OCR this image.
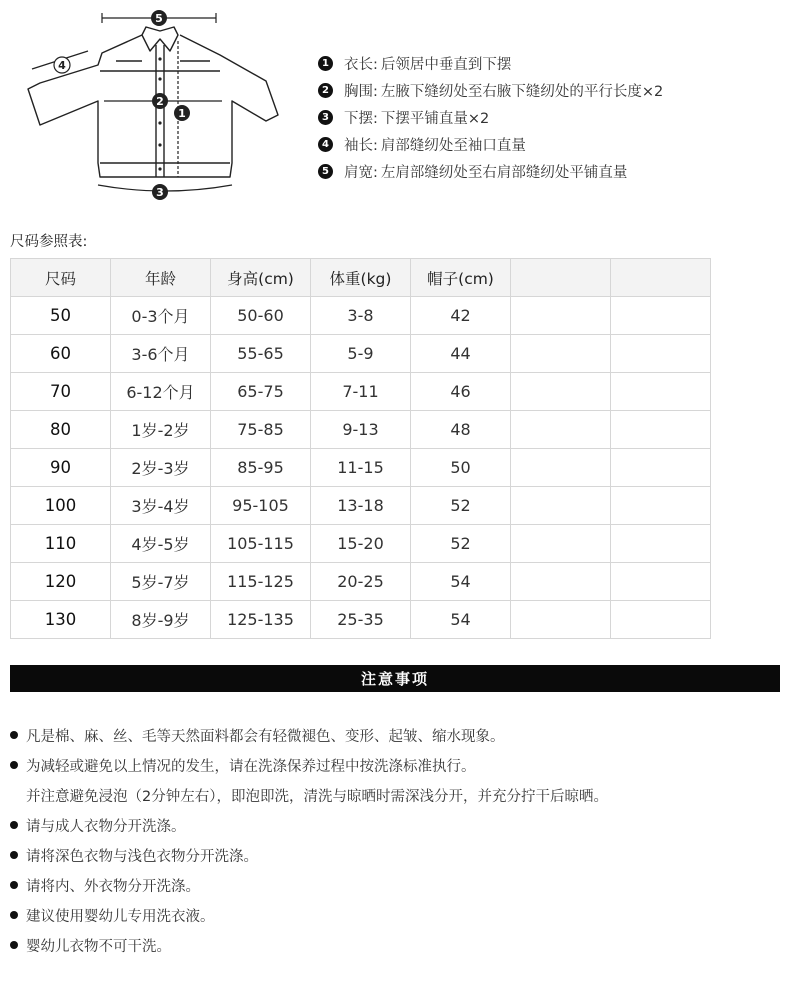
5
2
1
3
4	1 衣长: 后领居中垂直到下摆
2 胸围: 左腋下缝纫处至右腋下缝纫处的平行长度×2
3 下摆: 下摆平铺直量×2
4 袖长: 肩部缝纫处至袖口直量
5 肩宽: 左肩部缝纫处至右肩部缝纫处平铺直量
尺码参照表:
尺码	年龄	身高(cm)	体重(kg)	帽子(cm)		
50	0-3个月	50-60	3-8	42		
60	3-6个月	55-65	5-9	44		
70	6-12个月	65-75	7-11	46		
80	1岁-2岁	75-85	9-13	48		
90	2岁-3岁	85-95	11-15	50		
100	3岁-4岁	95-105	13-18	52		
110	4岁-5岁	105-115	15-20	52		
120	5岁-7岁	115-125	20-25	54		
130	8岁-9岁	125-135	25-35	54		
注意事项
凡是棉、麻、丝、毛等天然面料都会有轻微褪色、变形、起皱、缩水现象。
为减轻或避免以上情况的发生，请在洗涤保养过程中按洗涤标准执行。
并注意避免浸泡（2分钟左右），即泡即洗，清洗与晾晒时需深浅分开，并充分拧干后晾晒。
请与成人衣物分开洗涤。
请将深色衣物与浅色衣物分开洗涤。
请将内、外衣物分开洗涤。
建议使用婴幼儿专用洗衣液。
婴幼儿衣物不可干洗。
